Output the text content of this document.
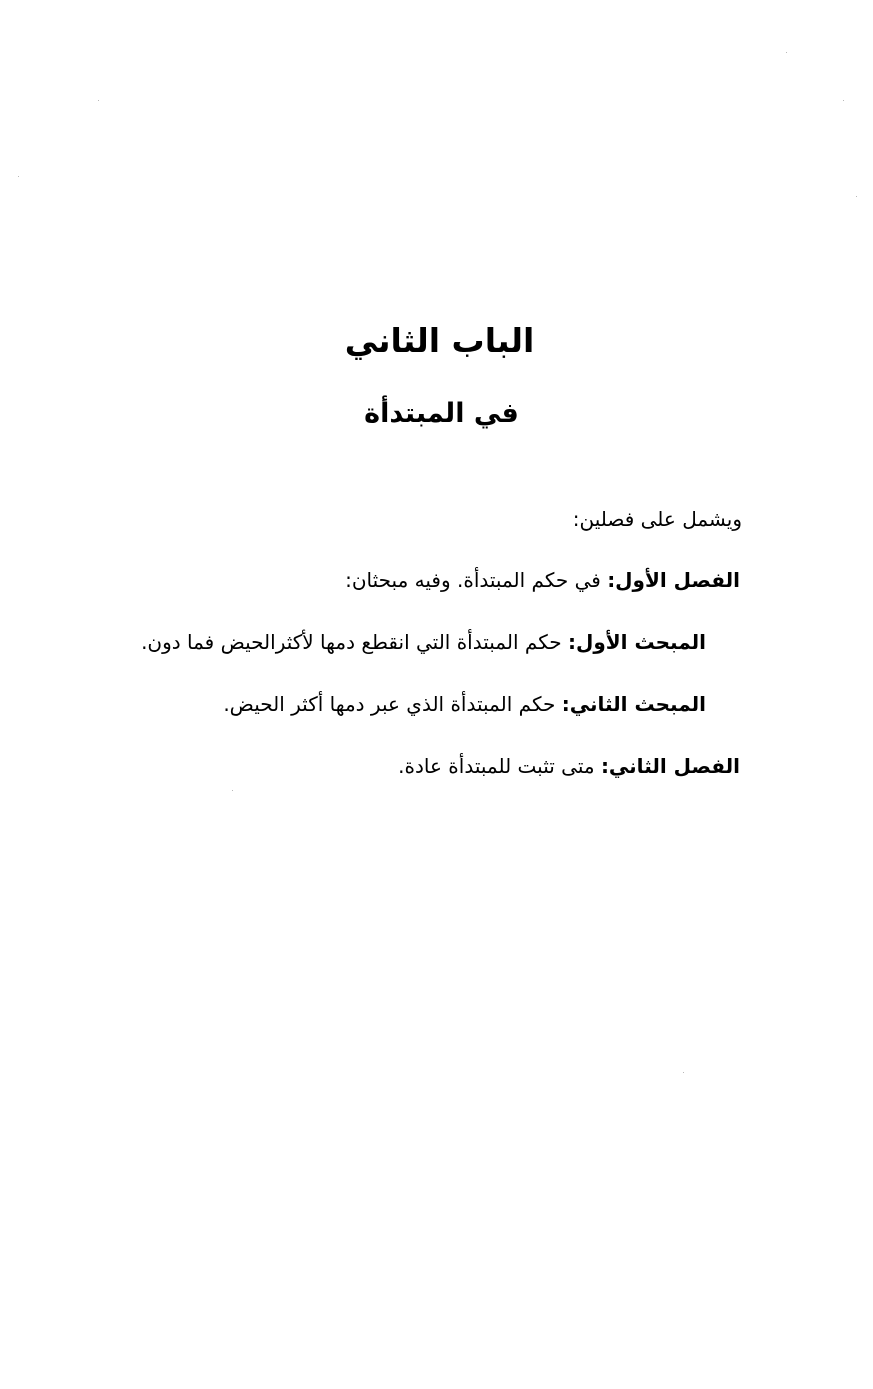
الباب الثاني
في المبتدأة
ويشمل على فصلين:
الفصل الأول: في حكم المبتدأة. وفيه مبحثان:
المبحث الأول: حكم المبتدأة التي انقطع دمها لأكثرالحيض فما دون.
المبحث الثاني: حكم المبتدأة الذي عبر دمها أكثر الحيض.
الفصل الثاني: متى تثبت للمبتدأة عادة.
